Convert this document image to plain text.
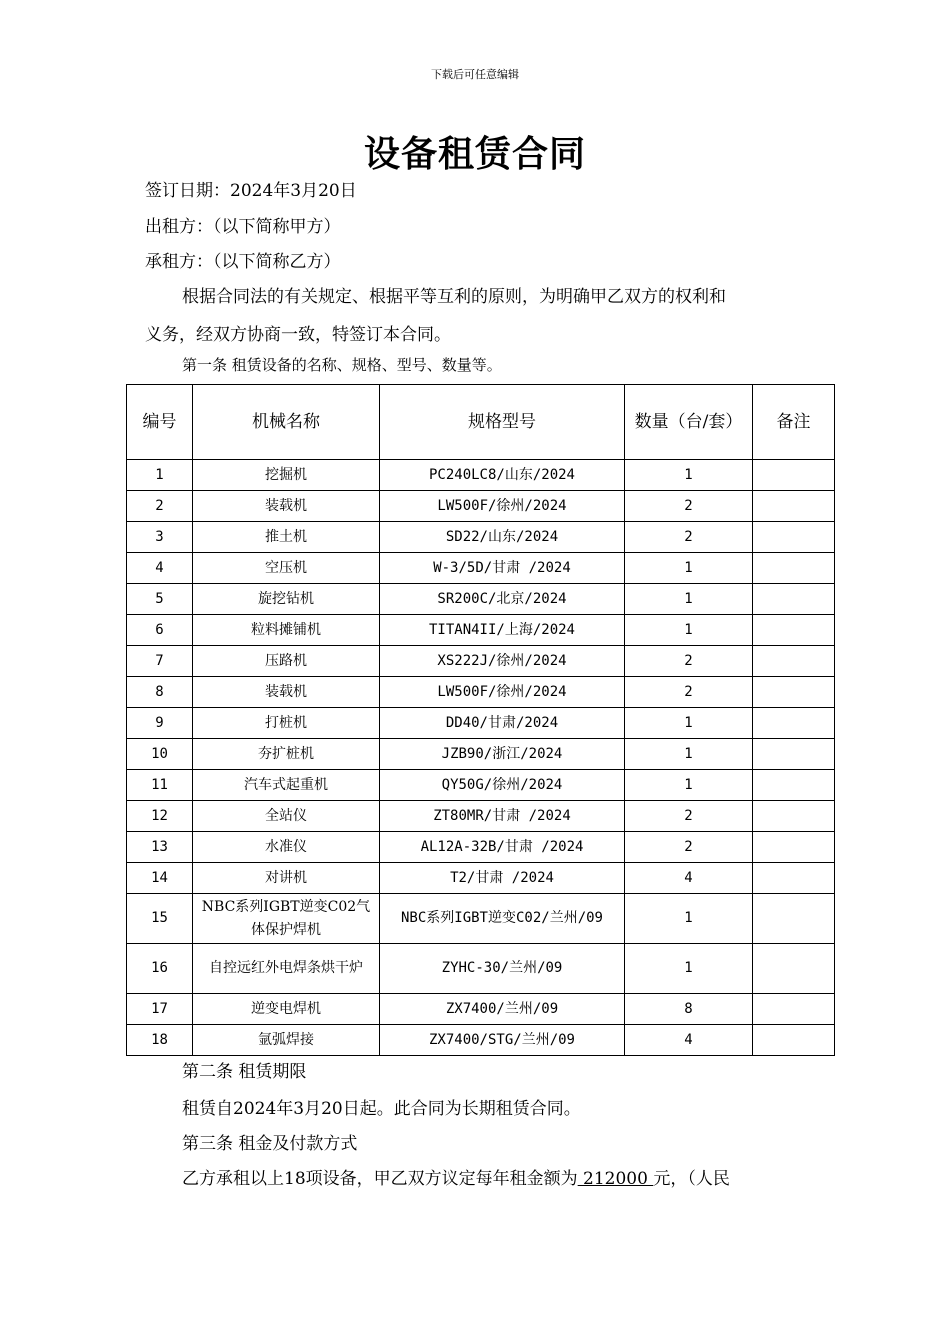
下载后可任意编辑
设备租赁合同
签订日期：2024年3月20日
出租方：（以下简称甲方）
承租方：（以下简称乙方）
根据合同法的有关规定、根据平等互利的原则，为明确甲乙双方的权利和
义务，经双方协商一致，特签订本合同。
第一条 租赁设备的名称、规格、型号、数量等。
编号	机械名称	规格型号	数量（台/套）	备注
1	挖掘机	PC240LC8/山东/2024	1	
2	装载机	LW500F/徐州/2024	2	
3	推土机	SD22/山东/2024	2	
4	空压机	W-3/5D/甘肃 /2024	1	
5	旋挖钻机	SR200C/北京/2024	1	
6	粒料摊铺机	TITAN4II/上海/2024	1	
7	压路机	XS222J/徐州/2024	2	
8	装载机	LW500F/徐州/2024	2	
9	打桩机	DD40/甘肃/2024	1	
10	夯扩桩机	JZB90/浙江/2024	1	
11	汽车式起重机	QY50G/徐州/2024	1	
12	全站仪	ZT80MR/甘肃 /2024	2	
13	水准仪	AL12A-32B/甘肃 /2024	2	
14	对讲机	T2/甘肃 /2024	4	
15	NBC系列IGBT逆变C02气体保护焊机	NBC系列IGBT逆变C02/兰州/09	1	
16	自控远红外电焊条烘干炉	ZYHC-30/兰州/09	1	
17	逆变电焊机	ZX7400/兰州/09	8	
18	氩弧焊接	ZX7400/STG/兰州/09	4	
第二条 租赁期限
租赁自2024年3月20日起。此合同为长期租赁合同。
第三条 租金及付款方式
乙方承租以上18项设备，甲乙双方议定每年租金额为 212000 元，（人民
